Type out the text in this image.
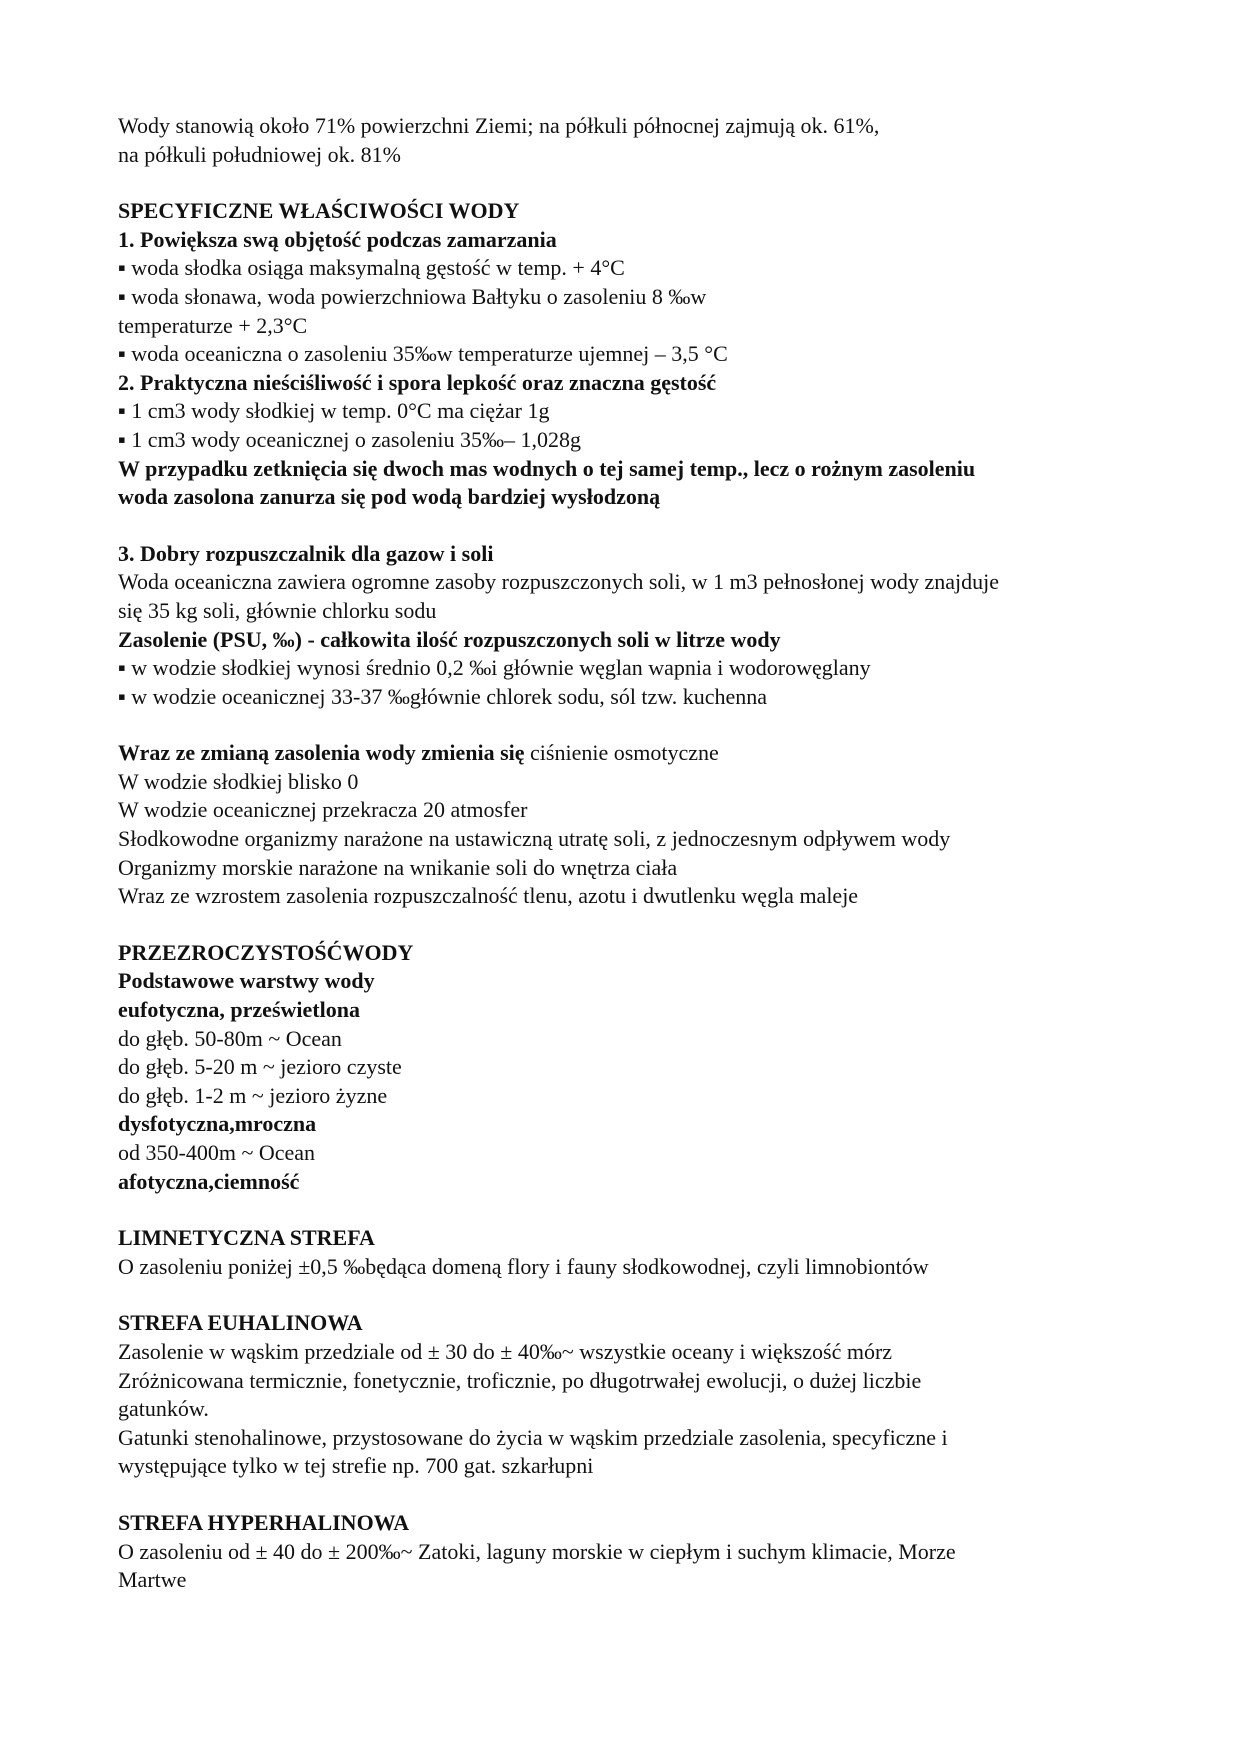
Wody stanowią około 71% powierzchni Ziemi; na półkuli północnej zajmują ok. 61%,
na półkuli południowej ok. 81%
SPECYFICZNE WŁAŚCIWOŚCI WODY
1. Powiększa swą objętość podczas zamarzania
▪ woda słodka osiąga maksymalną gęstość w temp. + 4°C
▪ woda słonawa, woda powierzchniowa Bałtyku o zasoleniu 8 ‰w
temperaturze + 2,3°C
▪ woda oceaniczna o zasoleniu 35‰w temperaturze ujemnej – 3,5 °C
2. Praktyczna nieściśliwość i spora lepkość oraz znaczna gęstość
▪ 1 cm3 wody słodkiej w temp. 0°C ma ciężar 1g
▪ 1 cm3 wody oceanicznej o zasoleniu 35‰– 1,028g
W przypadku zetknięcia się dwoch mas wodnych o tej samej temp., lecz o rożnym zasoleniu
woda zasolona zanurza się pod wodą bardziej wysłodzoną
3. Dobry rozpuszczalnik dla gazow i soli
Woda oceaniczna zawiera ogromne zasoby rozpuszczonych soli, w 1 m3 pełnosłonej wody znajduje
się 35 kg soli, głównie chlorku sodu
Zasolenie (PSU, ‰) - całkowita ilość rozpuszczonych soli w litrze wody
▪ w wodzie słodkiej wynosi średnio 0,2 ‰i głównie węglan wapnia i wodorowęglany
▪ w wodzie oceanicznej 33-37 ‰głównie chlorek sodu, sól tzw. kuchenna
Wraz ze zmianą zasolenia wody zmienia się ciśnienie osmotyczne
W wodzie słodkiej blisko 0
W wodzie oceanicznej przekracza 20 atmosfer
Słodkowodne organizmy narażone na ustawiczną utratę soli, z jednoczesnym odpływem wody
Organizmy morskie narażone na wnikanie soli do wnętrza ciała
Wraz ze wzrostem zasolenia rozpuszczalność tlenu, azotu i dwutlenku węgla maleje
PRZEZROCZYSTOŚĆWODY
Podstawowe warstwy wody
eufotyczna, prześwietlona
do głęb. 50-80m ~ Ocean
do głęb. 5-20 m ~ jezioro czyste
do głęb. 1-2 m ~ jezioro żyzne
dysfotyczna,mroczna
od 350-400m ~ Ocean
afotyczna,ciemność
LIMNETYCZNA STREFA
O zasoleniu poniżej ±0,5 ‰będąca domeną flory i fauny słodkowodnej, czyli limnobiontów
STREFA EUHALINOWA
Zasolenie w wąskim przedziale od ± 30 do ± 40‰~ wszystkie oceany i większość mórz
Zróżnicowana termicznie, fonetycznie, troficznie, po długotrwałej ewolucji, o dużej liczbie
gatunków.
Gatunki stenohalinowe, przystosowane do życia w wąskim przedziale zasolenia, specyficzne i
występujące tylko w tej strefie np. 700 gat. szkarłupni
STREFA HYPERHALINOWA
O zasoleniu od ± 40 do ± 200‰~ Zatoki, laguny morskie w ciepłym i suchym klimacie, Morze
Martwe
